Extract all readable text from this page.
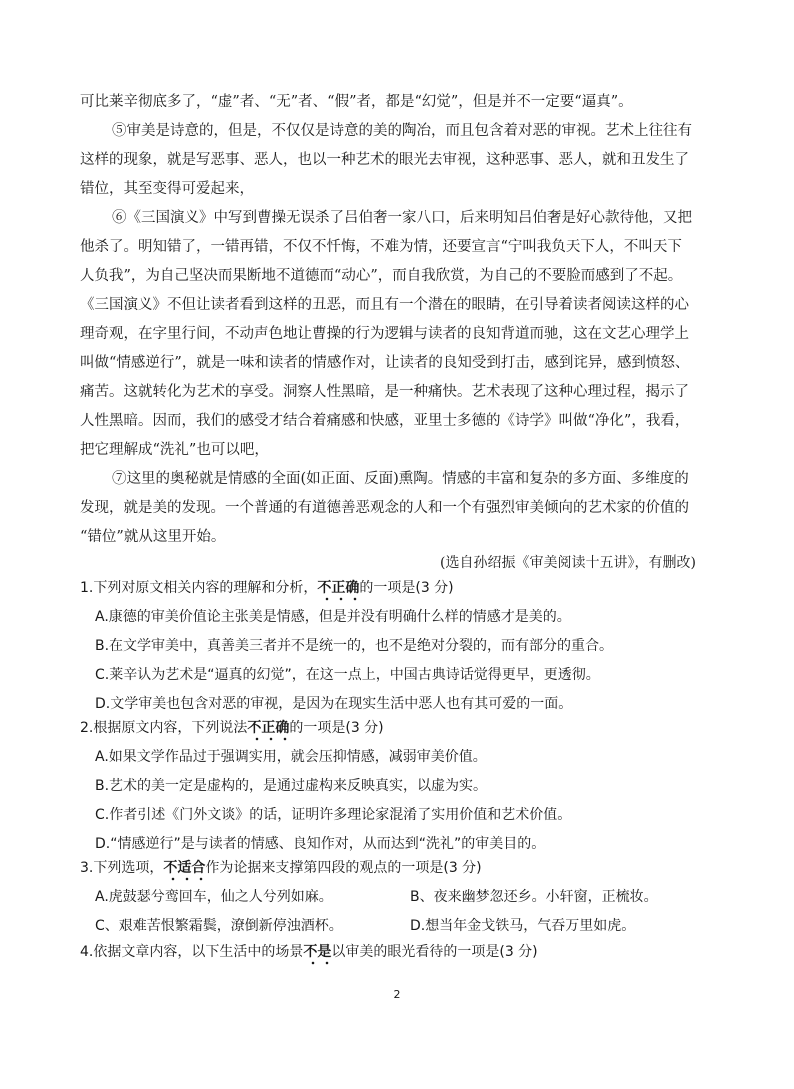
可比莱辛彻底多了，“虚”者、“无”者、“假”者，都是“幻觉”，但是并不一定要“逼真”。
⑤审美是诗意的，但是，不仅仅是诗意的美的陶冶，而且包含着对恶的审视。艺术上往往有
这样的现象，就是写恶事、恶人，也以一种艺术的眼光去审视，这种恶事、恶人，就和丑发生了
错位，其至变得可爱起来，
⑥《三国演义》中写到曹操无误杀了吕伯奢一家八口，后来明知吕伯奢是好心款待他，又把
他杀了。明知错了，一错再错，不仅不忏悔，不难为情，还要宣言“宁叫我负天下人，不叫天下
人负我”，为自己坚决而果断地不道德而“动心”，而自我欣赏，为自己的不要脸而感到了不起。
《三国演义》不但让读者看到这样的丑恶，而且有一个潜在的眼睛，在引导着读者阅读这样的心
理奇观，在字里行间，不动声色地让曹操的行为逻辑与读者的良知背道而驰，这在文艺心理学上
叫做“情感逆行”，就是一味和读者的情感作对，让读者的良知受到打击，感到诧异，感到愤怒、
痛苦。这就转化为艺术的享受。洞察人性黑暗，是一种痛快。艺术表现了这种心理过程，揭示了
人性黑暗。因而，我们的感受才结合着痛感和快感，亚里士多德的《诗学》叫做“净化”，我看，
把它理解成“洗礼”也可以吧，
⑦这里的奥秘就是情感的全面(如正面、反面)熏陶。情感的丰富和复杂的多方面、多维度的
发现，就是美的发现。一个普通的有道德善恶观念的人和一个有强烈审美倾向的艺术家的价值的
“错位”就从这里开始。
(选自孙绍振《审美阅读十五讲》，有删改)
1.下列对原文相关内容的理解和分析，不正确
的一项是(3 分)
A.康德的审美价值论主张美是情感，但是并没有明确什么样的情感才是美的。
B.在文学审美中，真善美三者并不是统一的，也不是绝对分裂的，而有部分的重合。
C.莱辛认为艺术是“逼真的幻觉”，在这一点上，中国古典诗话觉得更早，更透彻。
D.文学审美也包含对恶的审视，是因为在现实生活中恶人也有其可爱的一面。
2.根据原文内容，下列说法不正确
的一项是(3 分)
A.如果文学作品过于强调实用，就会压抑情感，减弱审美价值。
B.艺术的美一定是虚构的，是通过虚构来反映真实，以虚为实。
C.作者引述《门外文谈》的话，证明许多理论家混淆了实用价值和艺术价值。
D.“情感逆行”是与读者的情感、良知作对，从而达到“洗礼”的审美目的。
3.下列选项，不适合
作为论据来支撑第四段的观点的一项是(3 分)
A.虎鼓瑟兮鸾回车，仙之人兮列如麻。	B、夜来幽梦忽还乡。小轩窗，正梳妆。
C、艰难苦恨繁霜鬓，潦倒新停浊酒杯。	D.想当年金戈铁马，气吞万里如虎。
4.依据文章内容，以下生活中的场景不是
以审美的眼光看待的一项是(3 分)
2
